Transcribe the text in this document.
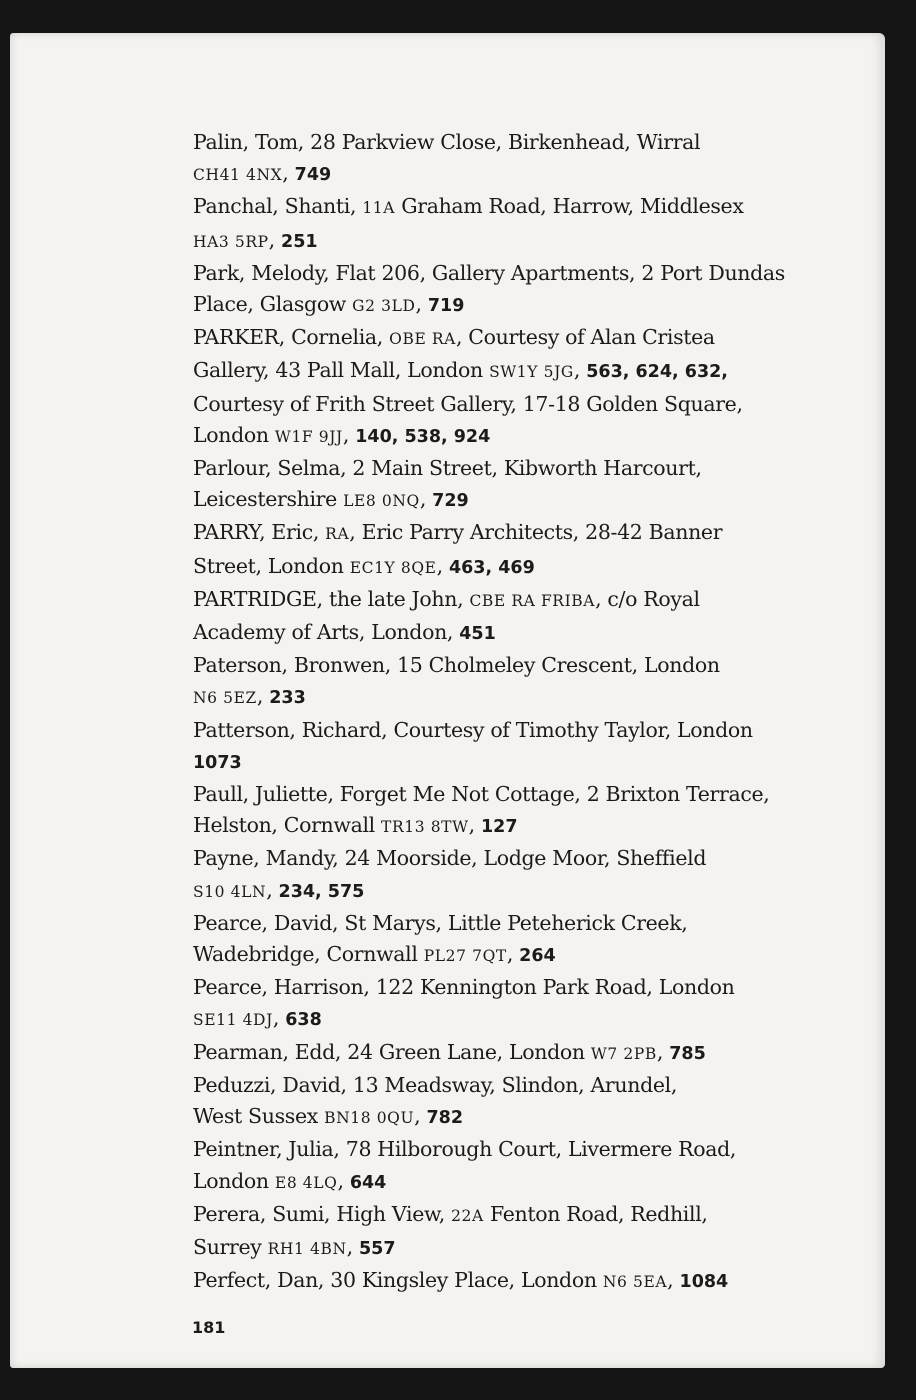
Palin, Tom, 28 Parkview Close, Birkenhead, Wirral
CH41 4NX, 749

Panchal, Shanti, 11A Graham Road, Harrow, Middlesex
HA3 5RP, 251

Park, Melody, Flat 206, Gallery Apartments, 2 Port Dundas
Place, Glasgow G2 3LD, 719

PARKER, Cornelia, OBE RA, Courtesy of Alan Cristea
Gallery, 43 Pall Mall, London SW1Y 5JG, 563, 624, 632,
Courtesy of Frith Street Gallery, 17-18 Golden Square,
London W1F 9JJ, 140, 538, 924

Parlour, Selma, 2 Main Street, Kibworth Harcourt,
Leicestershire LE8 0NQ, 729

PARRY, Eric, RA, Eric Parry Architects, 28-42 Banner
Street, London EC1Y 8QE, 463, 469

PARTRIDGE, the late John, CBE RA FRIBA, c/o Royal
Academy of Arts, London, 451

Paterson, Bronwen, 15 Cholmeley Crescent, London
N6 5EZ, 233

Patterson, Richard, Courtesy of Timothy Taylor, London
1073

Paull, Juliette, Forget Me Not Cottage, 2 Brixton Terrace,
Helston, Cornwall TR13 8TW, 127

Payne, Mandy, 24 Moorside, Lodge Moor, Sheffield
S10 4LN, 234, 575

Pearce, David, St Marys, Little Peteherick Creek,
Wadebridge, Cornwall PL27 7QT, 264

Pearce, Harrison, 122 Kennington Park Road, London
SE11 4DJ, 638

Pearman, Edd, 24 Green Lane, London W7 2PB, 785

Peduzzi, David, 13 Meadsway, Slindon, Arundel,
West Sussex BN18 0QU, 782

Peintner, Julia, 78 Hilborough Court, Livermere Road,
London E8 4LQ, 644

Perera, Sumi, High View, 22A Fenton Road, Redhill,
Surrey RH1 4BN, 557

Perfect, Dan, 30 Kingsley Place, London N6 5EA, 1084

181
